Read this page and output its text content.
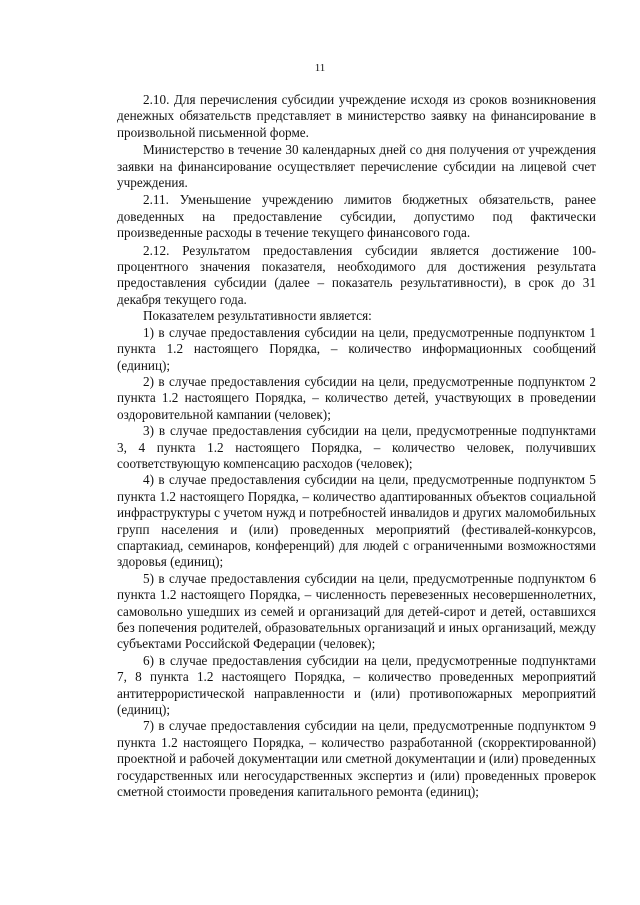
11

2.10. Для перечисления субсидии учреждение исходя из сроков возникновения денежных обязательств представляет в министерство заявку на финансирование в произвольной письменной форме.

Министерство в течение 30 календарных дней со дня получения от учреждения заявки на финансирование осуществляет перечисление субсидии на лицевой счет учреждения.

2.11. Уменьшение учреждению лимитов бюджетных обязательств, ранее доведенных на предоставление субсидии, допустимо под фактически произведенные расходы в течение текущего финансового года.

2.12. Результатом предоставления субсидии является достижение 100-процентного значения показателя, необходимого для достижения результата предоставления субсидии (далее – показатель результативности), в срок до 31 декабря текущего года.

Показателем результативности является:

1) в случае предоставления субсидии на цели, предусмотренные подпунктом 1 пункта 1.2 настоящего Порядка, – количество информационных сообщений (единиц);

2) в случае предоставления субсидии на цели, предусмотренные подпунктом 2 пункта 1.2 настоящего Порядка, – количество детей, участвующих в проведении оздоровительной кампании (человек);

3) в случае предоставления субсидии на цели, предусмотренные подпунктами 3, 4 пункта 1.2 настоящего Порядка, – количество человек, получивших соответствующую компенсацию расходов (человек);

4) в случае предоставления субсидии на цели, предусмотренные подпунктом 5 пункта 1.2 настоящего Порядка, – количество адаптированных объектов социальной инфраструктуры с учетом нужд и потребностей инвалидов и других маломобильных групп населения и (или) проведенных мероприятий (фестивалей-конкурсов, спартакиад, семинаров, конференций) для людей с ограниченными возможностями здоровья (единиц);

5) в случае предоставления субсидии на цели, предусмотренные подпунктом 6 пункта 1.2 настоящего Порядка, – численность перевезенных несовершеннолетних, самовольно ушедших из семей и организаций для детей-сирот и детей, оставшихся без попечения родителей, образовательных организаций и иных организаций, между субъектами Российской Федерации (человек);

6) в случае предоставления субсидии на цели, предусмотренные подпунктами 7, 8 пункта 1.2 настоящего Порядка, – количество проведенных мероприятий антитеррористической направленности и (или) противопожарных мероприятий (единиц);

7) в случае предоставления субсидии на цели, предусмотренные подпунктом 9 пункта 1.2 настоящего Порядка, – количество разработанной (скорректированной) проектной и рабочей документации или сметной документации и (или) проведенных государственных или негосударственных экспертиз и (или) проведенных проверок сметной стоимости проведения капитального ремонта (единиц);
